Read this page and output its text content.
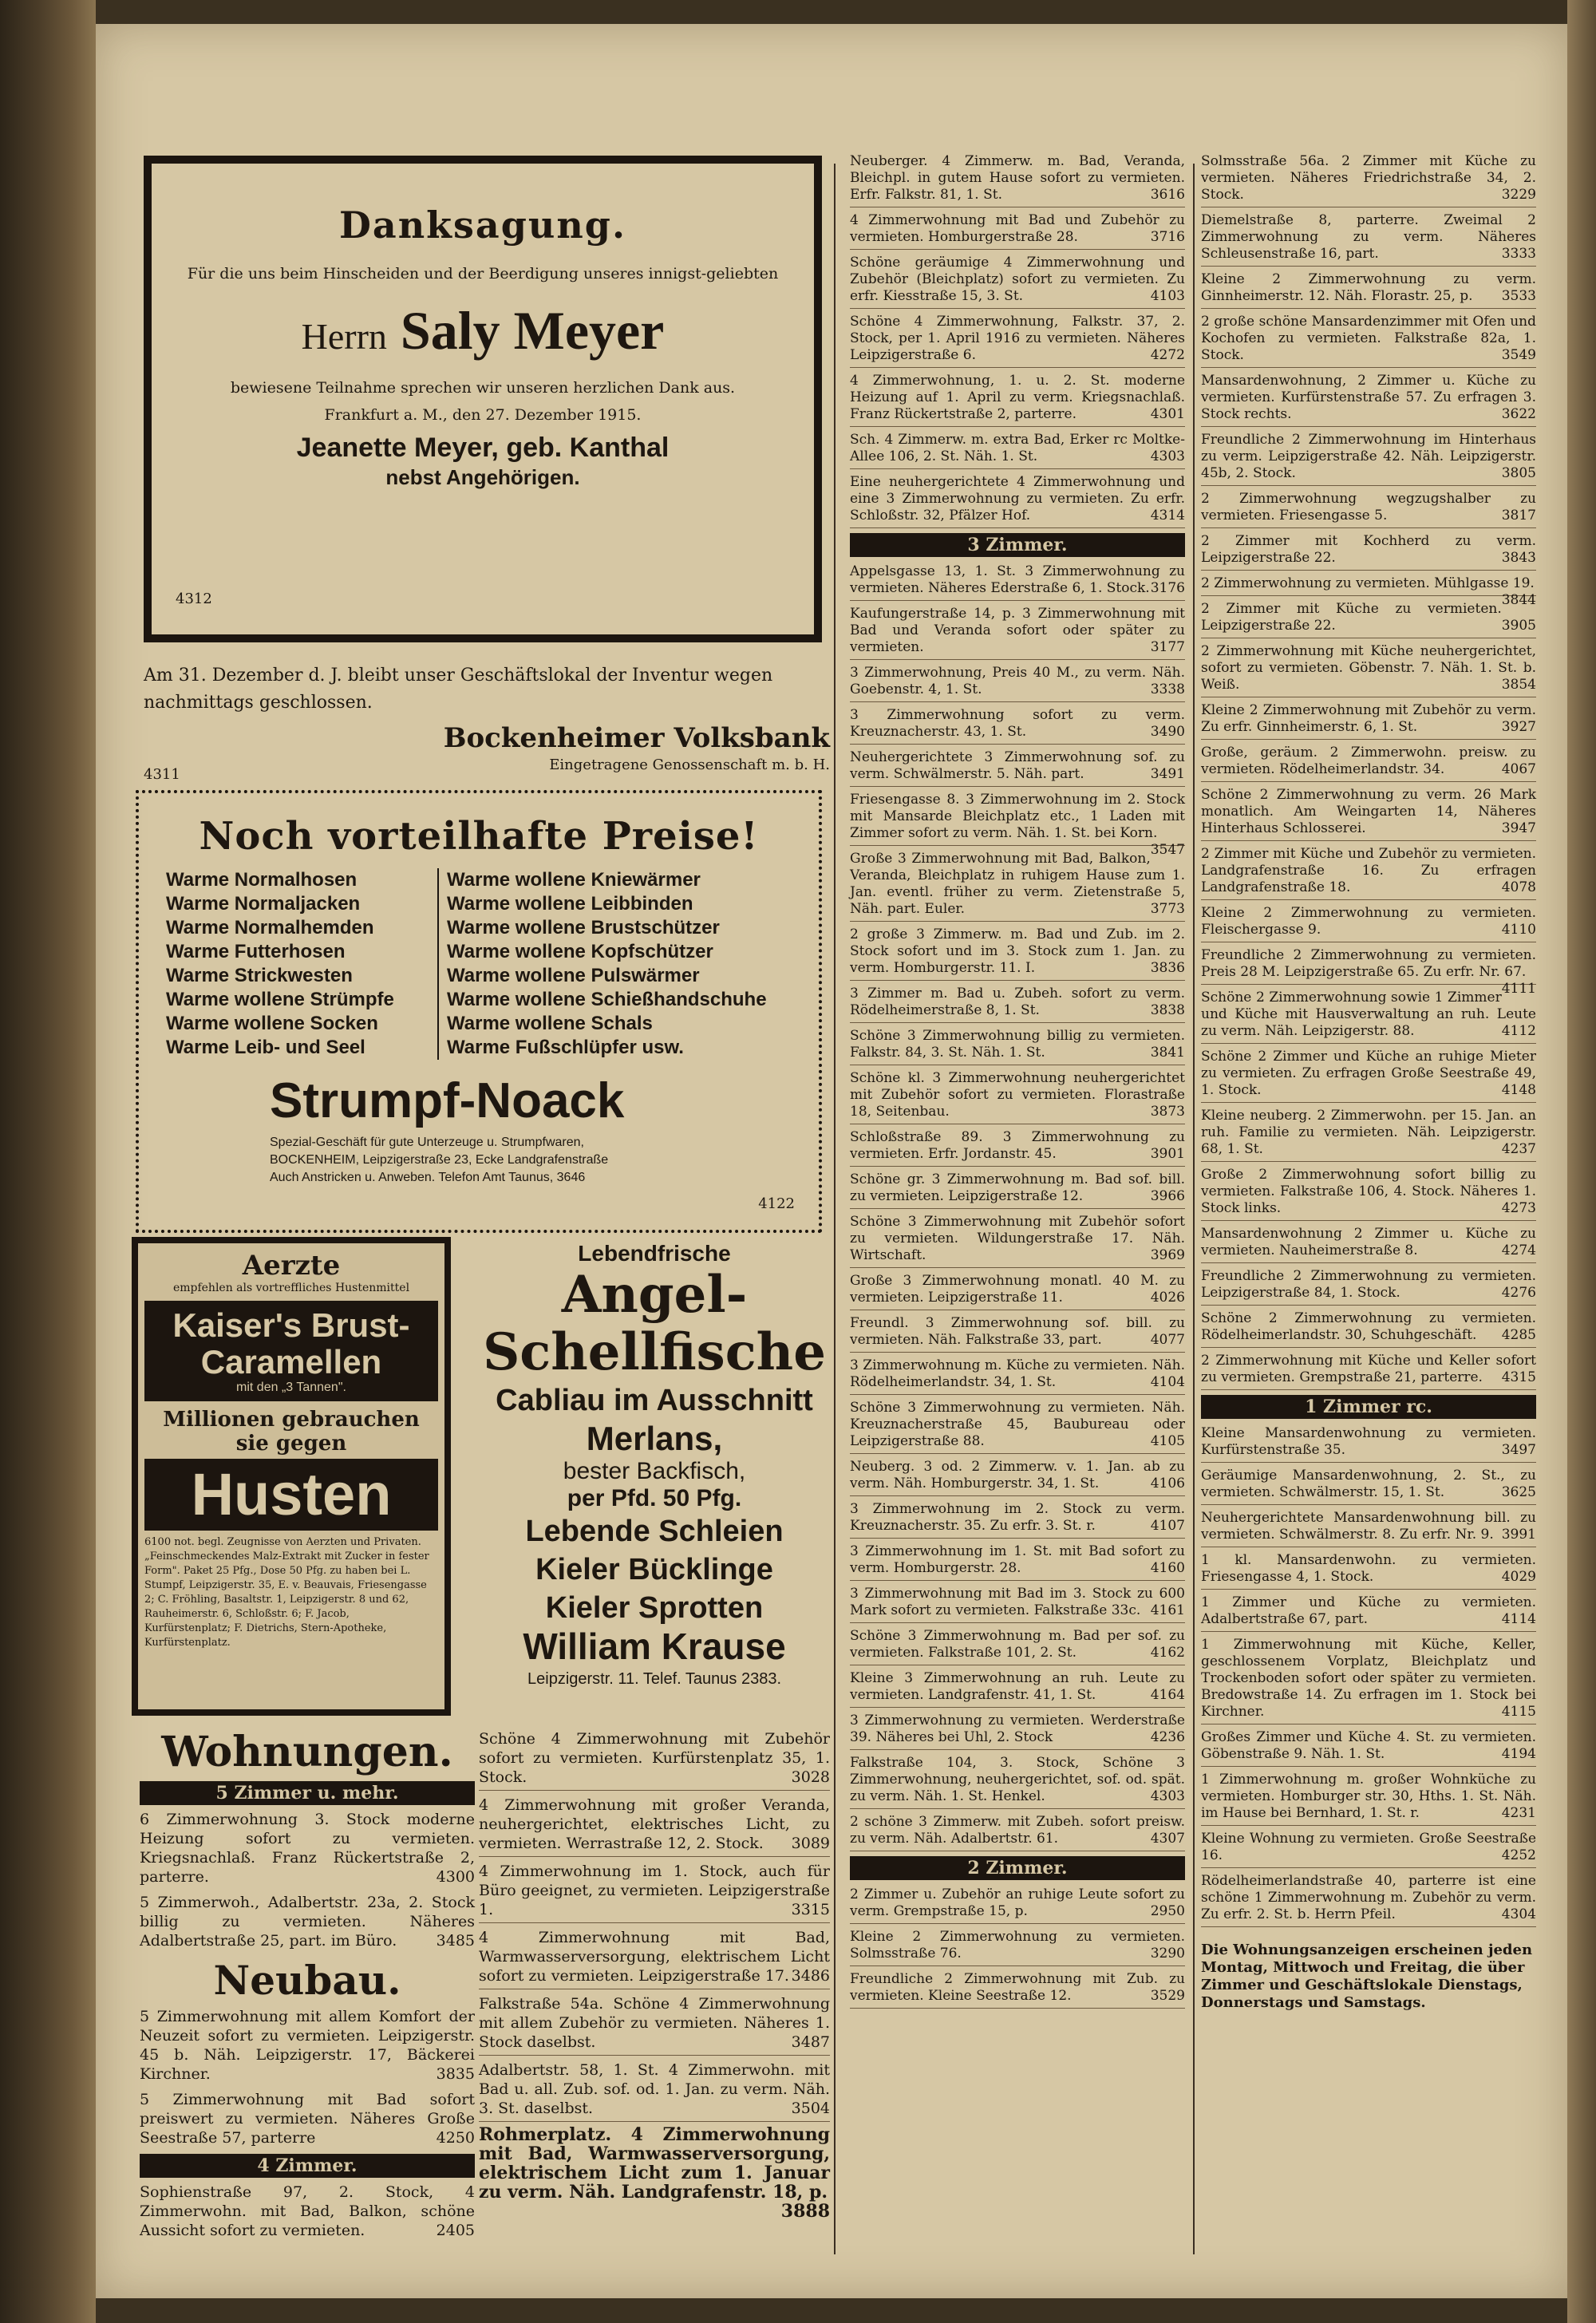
Danksagung.

Für die uns beim Hinscheiden und der Beerdigung unseres innigst-geliebten

Herrn Saly Meyer

bewiesene Teilnahme sprechen wir unseren herzlichen Dank aus.

Frankfurt a. M., den 27. Dezember 1915.

Jeanette Meyer, geb. Kanthal

nebst Angehörigen.

4312

Am 31. Dezember d. J. bleibt unser Geschäftslokal der Inventur wegen nachmittags geschlossen.

Bockenheimer Volksbank

Eingetragene Genossenschaft m. b. H.

4311

Noch vorteilhafte Preise!
Warme Normalhosen
Warme Normaljacken
Warme Normalhemden
Warme Futterhosen
Warme Strickwesten
Warme wollene Strümpfe
Warme wollene Socken
Warme Leib- und Seel
Warme wollene Kniewärmer
Warme wollene Leibbinden
Warme wollene Brustschützer
Warme wollene Kopfschützer
Warme wollene Pulswärmer
Warme wollene Schießhandschuhe
Warme wollene Schals
Warme Fußschlüpfer usw.
Strumpf-Noack

Spezial-Geschäft für gute Unterzeuge u. Strumpfwaren,

BOCKENHEIM, Leipzigerstraße 23, Ecke Landgrafenstraße

Auch Anstricken u. Anweben. Telefon Amt Taunus, 3646

4122

Aerzte

empfehlen als vortreffliches Hustenmittel

Kaiser's Brust-Caramellen
mit den „3 Tannen".

Millionen gebrauchen sie gegen

Husten

6100 not. begl. Zeugnisse von Aerzten und Privaten. „Feinschmeckendes Malz-Extrakt mit Zucker in fester Form". Paket 25 Pfg., Dose 50 Pfg. zu haben bei L. Stumpf, Leipzigerstr. 35, E. v. Beauvais, Friesengasse 2; C. Fröhling, Basaltstr. 1, Leipzigerstr. 8 und 62, Rauheimerstr. 6, Schloßstr. 6; F. Jacob, Kurfürstenplatz; F. Dietrichs, Stern-Apotheke, Kurfürstenplatz.

Lebendfrische

Angel-Schellfische

Cabliau im Ausschnitt

Merlans,

bester Backfisch,

per Pfd. 50 Pfg.

Lebende Schleien

Kieler Bücklinge

Kieler Sprotten

William Krause

Leipzigerstr. 11. Telef. Taunus 2383.

Wohnungen.
5 Zimmer u. mehr.

6 Zimmerwohnung 3. Stock moderne Heizung sofort zu vermieten. Kriegsnachlaß. Franz Rückertstraße 2, parterre.	4300

5 Zimmerwoh., Adalbertstr. 23a, 2. Stock billig zu vermieten. Näheres Adalbertstraße 25, part. im Büro.	3485

Neubau.

5 Zimmerwohnung mit allem Komfort der Neuzeit sofort zu vermieten. Leipzigerstr. 45 b. Näh. Leipzigerstr. 17, Bäckerei Kirchner.	3835

5 Zimmerwohnung mit Bad sofort preiswert zu vermieten. Näheres Große Seestraße 57, parterre	4250

4 Zimmer.

Sophienstraße 97, 2. Stock, 4 Zimmerwohn. mit Bad, Balkon, schöne Aussicht sofort zu vermieten.	2405

Schöne 4 Zimmerwohnung mit Zubehör sofort zu vermieten. Kurfürstenplatz 35, 1. Stock.	3028

4 Zimmerwohnung mit großer Veranda, neuhergerichtet, elektrisches Licht, zu vermieten. Werrastraße 12, 2. Stock. 3089

4 Zimmerwohnung im 1. Stock, auch für Büro geeignet, zu vermieten. Leipzigerstraße 1.	3315

4 Zimmerwohnung mit Bad, Warmwasserversorgung, elektrischem Licht sofort zu vermieten. Leipzigerstraße 17. 3486

Falkstraße 54a. Schöne 4 Zimmerwohnung mit allem Zubehör zu vermieten. Näheres 1. Stock daselbst.	3487

Adalbertstr. 58, 1. St. 4 Zimmerwohn. mit Bad u. all. Zub. sof. od. 1. Jan. zu verm. Näh. 3. St. daselbst.	3504

Rohmerplatz. 4 Zimmerwohnung mit Bad, Warmwasserversorgung, elektrischem Licht zum 1. Januar zu verm. Näh. Landgrafenstr. 18, p.
3888

Neuberger. 4 Zimmerw. m. Bad, Veranda, Bleichpl. in gutem Hause sofort zu vermieten. Erfr. Falkstr. 81, 1. St.	3616

4 Zimmerwohnung mit Bad und Zubehör zu vermieten. Homburgerstraße 28.	3716

Schöne geräumige 4 Zimmerwohnung und Zubehör (Bleichplatz) sofort zu vermieten. Zu erfr. Kiesstraße 15, 3. St.	4103

Schöne 4 Zimmerwohnung, Falkstr. 37, 2. Stock, per 1. April 1916 zu vermieten. Näheres Leipzigerstraße 6.	4272

4 Zimmerwohnung, 1. u. 2. St. moderne Heizung auf 1. April zu verm. Kriegsnachlaß. Franz Rückertstraße 2, parterre.	4301

Sch. 4 Zimmerw. m. extra Bad, Erker rc Moltke-Allee 106, 2. St. Näh. 1. St.	4303

Eine neuhergerichtete 4 Zimmerwohnung und eine 3 Zimmerwohnung zu vermieten. Zu erfr. Schloßstr. 32, Pfälzer Hof.	4314

3 Zimmer.

Appelsgasse 13, 1. St. 3 Zimmerwohnung zu vermieten. Näheres Ederstraße 6, 1. Stock. 3176

Kaufungerstraße 14, p. 3 Zimmerwohnung mit Bad und Veranda sofort oder später zu vermieten.	3177

3 Zimmerwohnung, Preis 40 M., zu verm. Näh. Goebenstr. 4, 1. St.	3338

3 Zimmerwohnung sofort zu verm. Kreuznacherstr. 43, 1. St.	3490

Neuhergerichtete 3 Zimmerwohnung sof. zu verm. Schwälmerstr. 5. Näh. part.	3491

Friesengasse 8. 3 Zimmerwohnung im 2. Stock mit Mansarde Bleichplatz etc., 1 Laden mit Zimmer sofort zu verm. Näh. 1. St. bei Korn.
3547

Große 3 Zimmerwohnung mit Bad, Balkon, Veranda, Bleichplatz in ruhigem Hause zum 1. Jan. eventl. früher zu verm. Zietenstraße 5, Näh. part. Euler.	3773

2 große 3 Zimmerw. m. Bad und Zub. im 2. Stock sofort und im 3. Stock zum 1. Jan. zu verm. Homburgerstr. 11. I.	3836

3 Zimmer m. Bad u. Zubeh. sofort zu verm. Rödelheimerstraße 8, 1. St.	3838

Schöne 3 Zimmerwohnung billig zu vermieten. Falkstr. 84, 3. St. Näh. 1. St.	3841

Schöne kl. 3 Zimmerwohnung neuhergerichtet mit Zubehör sofort zu vermieten. Florastraße 18, Seitenbau.	3873

Schloßstraße 89. 3 Zimmerwohnung zu vermieten. Erfr. Jordanstr. 45.	3901

Schöne gr. 3 Zimmerwohnung m. Bad sof. bill. zu vermieten. Leipzigerstraße 12.	3966

Schöne 3 Zimmerwohnung mit Zubehör sofort zu vermieten. Wildungerstraße 17. Näh. Wirtschaft.	3969

Große 3 Zimmerwohnung monatl. 40 M. zu vermieten. Leipzigerstraße 11.	4026

Freundl. 3 Zimmerwohnung sof. bill. zu vermieten. Näh. Falkstraße 33, part.	4077

3 Zimmerwohnung m. Küche zu vermieten. Näh. Rödelheimerlandstr. 34, 1. St.	4104

Schöne 3 Zimmerwohnung zu vermieten. Näh. Kreuznacherstraße 45, Baubureau oder Leipzigerstraße 88.	4105

Neuberg. 3 od. 2 Zimmerw. v. 1. Jan. ab zu verm. Näh. Homburgerstr. 34, 1. St.	4106

3 Zimmerwohnung im 2. Stock zu verm. Kreuznacherstr. 35. Zu erfr. 3. St. r.	4107

3 Zimmerwohnung im 1. St. mit Bad sofort zu verm. Homburgerstr. 28.	4160

3 Zimmerwohnung mit Bad im 3. Stock zu 600 Mark sofort zu vermieten. Falkstraße 33c. 4161

Schöne 3 Zimmerwohnung m. Bad per sof. zu vermieten. Falkstraße 101, 2. St.	4162

Kleine 3 Zimmerwohnung an ruh. Leute zu vermieten. Landgrafenstr. 41, 1. St.	4164

3 Zimmerwohnung zu vermieten. Werderstraße 39. Näheres bei Uhl, 2. Stock	4236

Falkstraße 104, 3. Stock, Schöne 3 Zimmerwohnung, neuhergerichtet, sof. od. spät. zu verm. Näh. 1. St. Henkel.	4303

2 schöne 3 Zimmerw. mit Zubeh. sofort preisw. zu verm. Näh. Adalbertstr. 61.	4307

2 Zimmer.

2 Zimmer u. Zubehör an ruhige Leute sofort zu verm. Grempstraße 15, p.	2950

Kleine 2 Zimmerwohnung zu vermieten. Solmsstraße 76.	3290

Freundliche 2 Zimmerwohnung mit Zub. zu vermieten. Kleine Seestraße 12.	3529

Solmsstraße 56a. 2 Zimmer mit Küche zu vermieten. Näheres Friedrichstraße 34, 2. Stock.	3229

Diemelstraße 8, parterre. Zweimal 2 Zimmerwohnung zu verm. Näheres Schleusenstraße 16, part.	3333

Kleine 2 Zimmerwohnung zu verm. Ginnheimerstr. 12. Näh. Florastr. 25, p. 3533

2 große schöne Mansardenzimmer mit Ofen und Kochofen zu vermieten. Falkstraße 82a, 1. Stock.	3549

Mansardenwohnung, 2 Zimmer u. Küche zu vermieten. Kurfürstenstraße 57. Zu erfragen 3. Stock rechts.	3622

Freundliche 2 Zimmerwohnung im Hinterhaus zu verm. Leipzigerstraße 42. Näh. Leipzigerstr. 45b, 2. Stock.	3805

2 Zimmerwohnung wegzugshalber zu vermieten. Friesengasse 5.	3817

2 Zimmer mit Kochherd zu verm. Leipzigerstraße 22.	3843

2 Zimmerwohnung zu vermieten. Mühlgasse 19.
3844

2 Zimmer mit Küche zu vermieten. Leipzigerstraße 22.	3905

2 Zimmerwohnung mit Küche neuhergerichtet, sofort zu vermieten. Göbenstr. 7. Näh. 1. St. b. Weiß.	3854

Kleine 2 Zimmerwohnung mit Zubehör zu verm. Zu erfr. Ginnheimerstr. 6, 1. St.	3927

Große, geräum. 2 Zimmerwohn. preisw. zu vermieten. Rödelheimerlandstr. 34.	4067

Schöne 2 Zimmerwohnung zu verm. 26 Mark monatlich. Am Weingarten 14, Näheres Hinterhaus Schlosserei.	3947

2 Zimmer mit Küche und Zubehör zu vermieten. Landgrafenstraße 16. Zu erfragen Landgrafenstraße 18.	4078

Kleine 2 Zimmerwohnung zu vermieten. Fleischergasse 9.	4110

Freundliche 2 Zimmerwohnung zu vermieten. Preis 28 M. Leipzigerstraße 65. Zu erfr. Nr. 67.
4111

Schöne 2 Zimmerwohnung sowie 1 Zimmer und Küche mit Hausverwaltung an ruh. Leute zu verm. Näh. Leipzigerstr. 88.	4112

Schöne 2 Zimmer und Küche an ruhige Mieter zu vermieten. Zu erfragen Große Seestraße 49, 1. Stock.	4148

Kleine neuberg. 2 Zimmerwohn. per 15. Jan. an ruh. Familie zu vermieten. Näh. Leipzigerstr. 68, 1. St.	4237

Große 2 Zimmerwohnung sofort billig zu vermieten. Falkstraße 106, 4. Stock. Näheres 1. Stock links.	4273

Mansardenwohnung 2 Zimmer u. Küche zu vermieten. Nauheimerstraße 8.	4274

Freundliche 2 Zimmerwohnung zu vermieten. Leipzigerstraße 84, 1. Stock.	4276

Schöne 2 Zimmerwohnung zu vermieten. Rödelheimerlandstr. 30, Schuhgeschäft. 4285

2 Zimmerwohnung mit Küche und Keller sofort zu vermieten. Grempstraße 21, parterre. 4315

1 Zimmer rc.

Kleine Mansardenwohnung zu vermieten. Kurfürstenstraße 35.	3497

Geräumige Mansardenwohnung, 2. St., zu vermieten. Schwälmerstr. 15, 1. St.	3625

Neuhergerichtete Mansardenwohnung bill. zu vermieten. Schwälmerstr. 8. Zu erfr. Nr. 9. 3991

1 kl. Mansardenwohn. zu vermieten. Friesengasse 4, 1. Stock.	4029

1 Zimmer und Küche zu vermieten. Adalbertstraße 67, part.	4114

1 Zimmerwohnung mit Küche, Keller, geschlossenem Vorplatz, Bleichplatz und Trockenboden sofort oder später zu vermieten. Bredowstraße 14. Zu erfragen im 1. Stock bei Kirchner.	4115

Großes Zimmer und Küche 4. St. zu vermieten. Göbenstraße 9. Näh. 1. St.	4194

1 Zimmerwohnung m. großer Wohnküche zu vermieten. Homburger str. 30, Hths. 1. St. Näh. im Hause bei Bernhard, 1. St. r.	4231

Kleine Wohnung zu vermieten. Große Seestraße 16.	4252

Rödelheimerlandstraße 40, parterre ist eine schöne 1 Zimmerwohnung m. Zubehör zu verm. Zu erfr. 2. St. b. Herrn Pfeil.	4304

Die Wohnungsanzeigen erscheinen jeden Montag, Mittwoch und Freitag, die über Zimmer und Geschäftslokale Dienstags, Donnerstags und Samstags.
